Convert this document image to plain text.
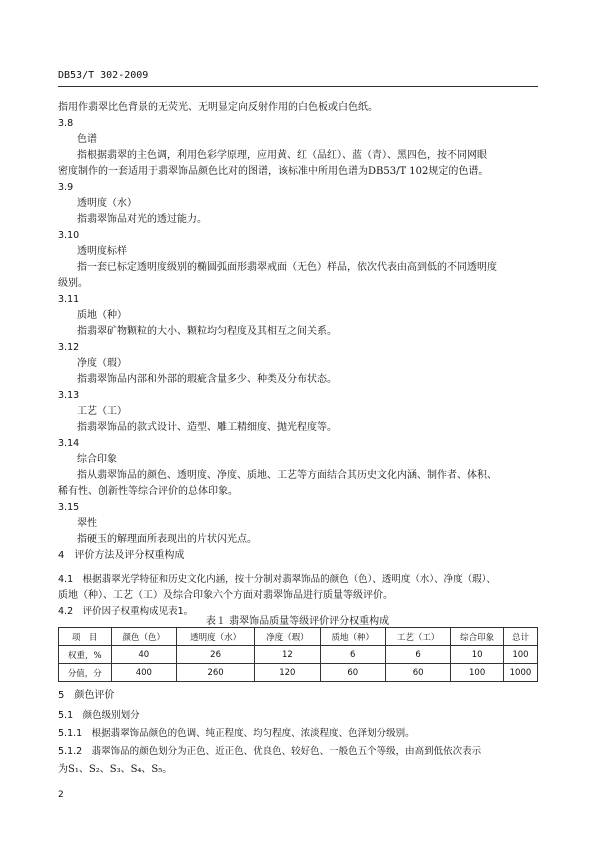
DB53/T 302-2009
指用作翡翠比色背景的无荧光、无明显定向反射作用的白色板或白色纸。
3.8
色谱
指根据翡翠的主色调，利用色彩学原理，应用黄、红（品红）、蓝（青）、黑四色，按不同网眼
密度制作的一套适用于翡翠饰品颜色比对的图谱，该标准中所用色谱为DB53/T 102规定的色谱。
3.9
透明度（水）
指翡翠饰品对光的透过能力。
3.10
透明度标样
指一套已标定透明度级别的椭圆弧面形翡翠戒面（无色）样品，依次代表由高到低的不同透明度
级别。
3.11
质地（种）
指翡翠矿物颗粒的大小、颗粒均匀程度及其相互之间关系。
3.12
净度（瑕）
指翡翠饰品内部和外部的瑕疵含量多少、种类及分布状态。
3.13
工艺（工）
指翡翠饰品的款式设计、造型、雕工精细度、抛光程度等。
3.14
综合印象
指从翡翠饰品的颜色、透明度、净度、质地、工艺等方面结合其历史文化内涵、制作者、体积、
稀有性、创新性等综合评价的总体印象。
3.15
翠性
指硬玉的解理面所表现出的片状闪光点。
4　评价方法及评分权重构成
4.1　根据翡翠光学特征和历史文化内涵，按十分制对翡翠饰品的颜色（色）、透明度（水）、净度（瑕）、
质地（种）、工艺（工）及综合印象六个方面对翡翠饰品进行质量等级评价。
4.2　评价因子权重构成见表1。
表１ 翡翠饰品质量等级评价评分权重构成
项　目	颜色（色）	透明度（水）	净度（瑕）	质地（种）	工艺（工）	综合印象	总计
权重，%	40	26	12	6	6	10	100
分值，分	400	260	120	60	60	100	1000
5　颜色评价
5.1　颜色级别划分
5.1.1　根据翡翠饰品颜色的色调、纯正程度、均匀程度、浓淡程度、色泽划分级别。
5.1.2　翡翠饰品的颜色划分为正色、近正色、优良色、较好色、一般色五个等级，由高到低依次表示
为S₁、S₂、S₃、S₄、S₅。
2
